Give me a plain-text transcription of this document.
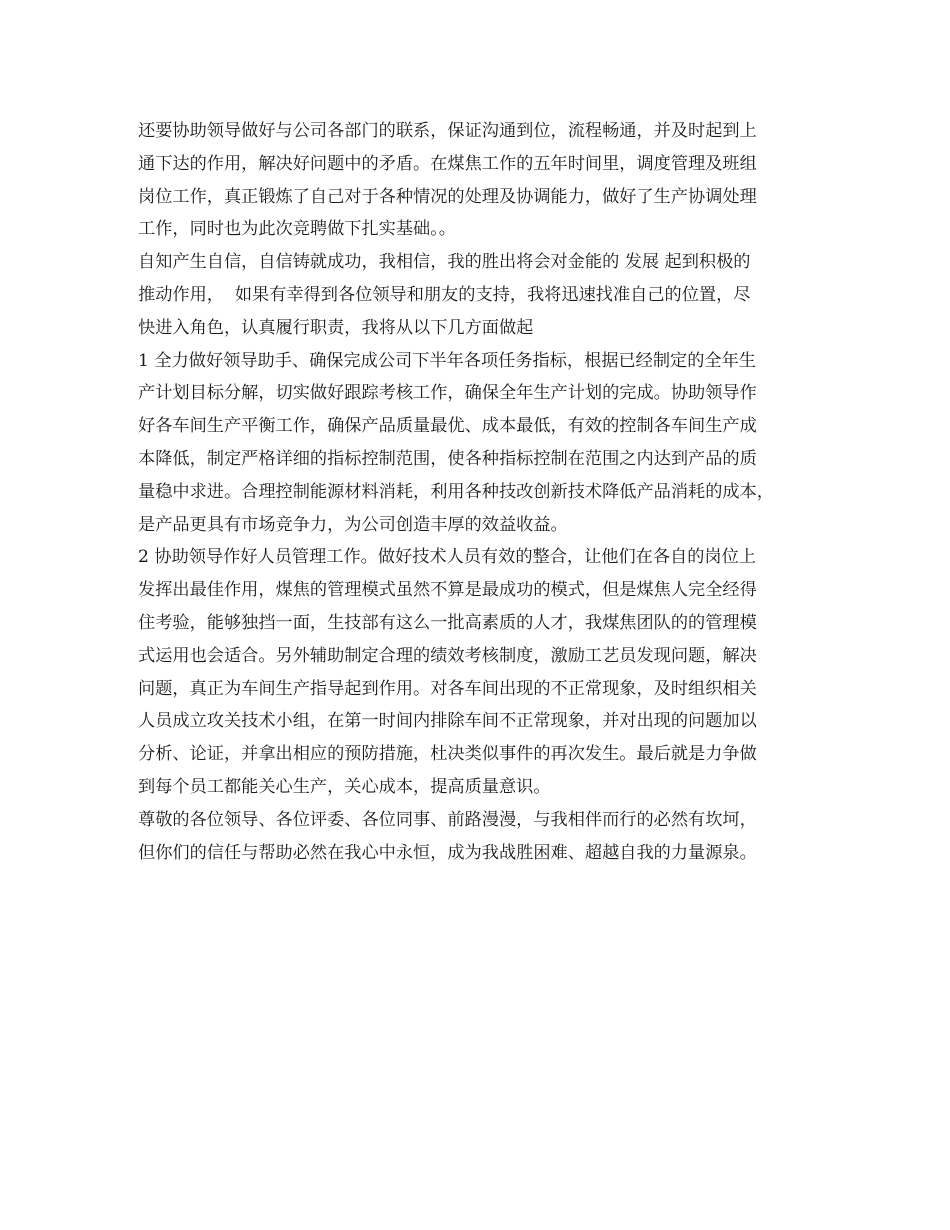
还要协助领导做好与公司各部门的联系，保证沟通到位，流程畅通，并及时起到上
通下达的作用，解决好问题中的矛盾。在煤焦工作的五年时间里，调度管理及班组
岗位工作，真正锻炼了自己对于各种情况的处理及协调能力，做好了生产协调处理
工作，同时也为此次竞聘做下扎实基础。。
自知产生自信，自信铸就成功，我相信，我的胜出将会对金能的 发展 起到积极的
推动作用，  如果有幸得到各位领导和朋友的支持，我将迅速找准自己的位置，尽
快进入角色，认真履行职责，我将从以下几方面做起
1 全力做好领导助手、确保完成公司下半年各项任务指标，根据已经制定的全年生
产计划目标分解，切实做好跟踪考核工作，确保全年生产计划的完成。协助领导作
好各车间生产平衡工作，确保产品质量最优、成本最低，有效的控制各车间生产成
本降低，制定严格详细的指标控制范围，使各种指标控制在范围之内达到产品的质
量稳中求进。合理控制能源材料消耗，利用各种技改创新技术降低产品消耗的成本，
是产品更具有市场竞争力，为公司创造丰厚的效益收益。
2 协助领导作好人员管理工作。做好技术人员有效的整合，让他们在各自的岗位上
发挥出最佳作用，煤焦的管理模式虽然不算是最成功的模式，但是煤焦人完全经得
住考验，能够独挡一面，生技部有这么一批高素质的人才，我煤焦团队的的管理模
式运用也会适合。另外辅助制定合理的绩效考核制度，激励工艺员发现问题，解决
问题，真正为车间生产指导起到作用。对各车间出现的不正常现象，及时组织相关
人员成立攻关技术小组，在第一时间内排除车间不正常现象，并对出现的问题加以
分析、论证，并拿出相应的预防措施，杜决类似事件的再次发生。最后就是力争做
到每个员工都能关心生产，关心成本，提高质量意识。
尊敬的各位领导、各位评委、各位同事、前路漫漫，与我相伴而行的必然有坎坷，
但你们的信任与帮助必然在我心中永恒，成为我战胜困难、超越自我的力量源泉。
